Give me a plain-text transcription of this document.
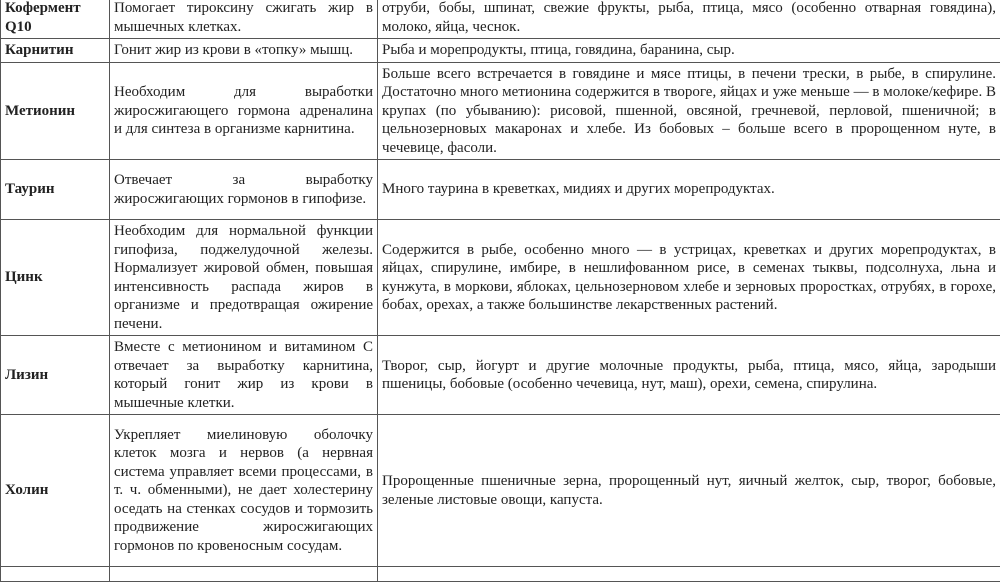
Кофермент Q10	Помогает тироксину сжигать жир в мышечных клетках.	отруби, бобы, шпинат, свежие фрукты, рыба, птица, мясо (особенно отварная говядина), молоко, яйца, чеснок.
Карнитин	Гонит жир из крови в «топку» мышц.	Рыба и морепродукты, птица, говядина, баранина, сыр.
Метионин	Необходим для выработки жиросжигающего гормона адреналина и для синтеза в организме карнитина.	Больше всего встречается в говядине и мясе птицы, в печени трески, в рыбе, в спирулине. Достаточно много метионина содержится в твороге, яйцах и уже меньше — в молоке/кефире. В крупах (по убыванию): рисовой, пшенной, овсяной, гречневой, перловой, пшеничной; в цельнозерновых макаронах и хлебе. Из бобовых – больше всего в пророщенном нуте, в чечевице, фасоли.
Таурин	Отвечает за выработку жиросжигающих гормонов в гипофизе.	Много таурина в креветках, мидиях и других морепродуктах.
Цинк	Необходим для нормальной функции гипофиза, поджелудочной железы. Нормализует жировой обмен, повышая интенсивность распада жиров в организме и предотвращая ожирение печени.	Содержится в рыбе, особенно много — в устрицах, креветках и других морепродуктах, в яйцах, спирулине, имбире, в нешлифованном рисе, в семенах тыквы, подсолнуха, льна и кунжута, в моркови, яблоках, цельнозерновом хлебе и зерновых проростках, отрубях, в горохе, бобах, орехах, а также большинстве лекарственных растений.
Лизин	Вместе с метионином и витамином С отвечает за выработку карнитина, который гонит жир из крови в мышечные клетки.	Творог, сыр, йогурт и другие молочные продукты, рыба, птица, мясо, яйца, зародыши пшеницы, бобовые (особенно чечевица, нут, маш), орехи, семена, спирулина.
Холин	Укрепляет миелиновую оболочку клеток мозга и нервов (а нервная система управляет всеми процессами, в т. ч. обменными), не дает холестерину оседать на стенках сосудов и тормозить продвижение жиросжигающих гормонов по кровеносным сосудам.	Пророщенные пшеничные зерна, пророщенный нут, яичный желток, сыр, творог, бобовые, зеленые листовые овощи, капуста.
